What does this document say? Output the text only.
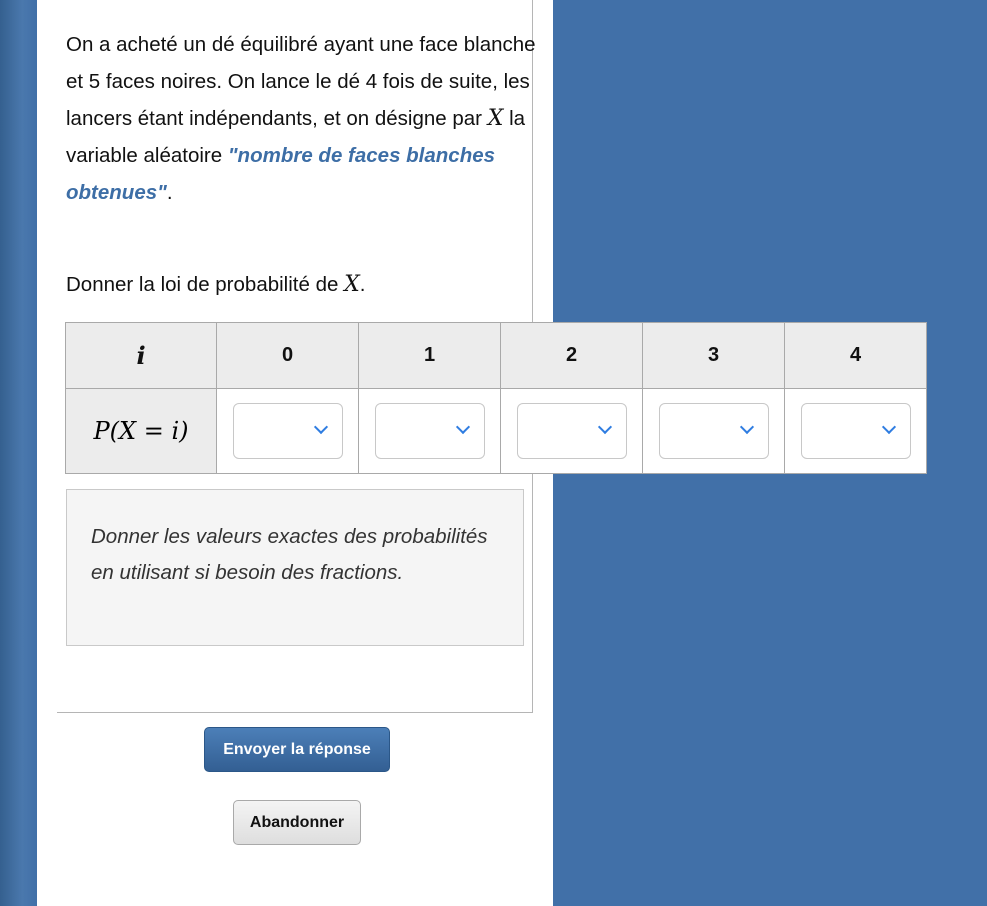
On a acheté un dé équilibré ayant une face blanche et 5 faces noires. On lance le dé 4 fois de suite, les lancers étant indépendants, et on désigne par X la variable aléatoire "nombre de faces blanches obtenues".
Donner la loi de probabilité de X.
i	0	1	2	3	4
P(X = i)	

Donner les valeurs exactes des probabilités en utilisant si besoin des fractions.
Envoyer la réponse
Abandonner
